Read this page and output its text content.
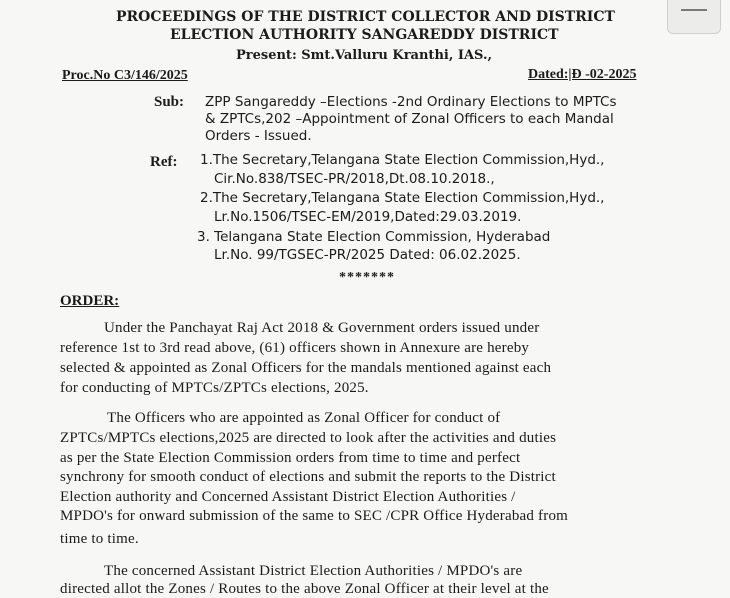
PROCEEDINGS OF THE DISTRICT COLLECTOR AND DISTRICT
ELECTION AUTHORITY SANGAREDDY DISTRICT
Present: Smt.Valluru Kranthi, IAS.,
Proc.No C3/146/2025	Dated:|Ɖ -02-2025
Sub: ZPP Sangareddy –Elections -2nd Ordinary Elections to MPTCs
& ZPTCs,202 –Appointment of Zonal Officers to each Mandal
Orders - Issued.
Ref: 1.The Secretary,Telangana State Election Commission,Hyd.,
Cir.No.838/TSEC-PR/2018,Dt.08.10.2018.,
2.The Secretary,Telangana State Election Commission,Hyd.,
Lr.No.1506/TSEC-EM/2019,Dated:29.03.2019.
3. Telangana State Election Commission, Hyderabad
Lr.No. 99/TGSEC-PR/2025 Dated: 06.02.2025.
*******
ORDER:
Under the Panchayat Raj Act 2018 & Government orders issued under
reference 1st to 3rd read above, (61) officers shown in Annexure are hereby
selected & appointed as Zonal Officers for the mandals mentioned against each
for conducting of MPTCs/ZPTCs elections, 2025.
The Officers who are appointed as Zonal Officer for conduct of
ZPTCs/MPTCs elections,2025 are directed to look after the activities and duties
as per the State Election Commission orders from time to time and perfect
synchrony for smooth conduct of elections and submit the reports to the District
Election authority and Concerned Assistant District Election Authorities /
MPDO's for onward submission of the same to SEC /CPR Office Hyderabad from
time to time.
The concerned Assistant District Election Authorities / MPDO's are
directed allot the Zones / Routes to the above Zonal Officer at their level at the
